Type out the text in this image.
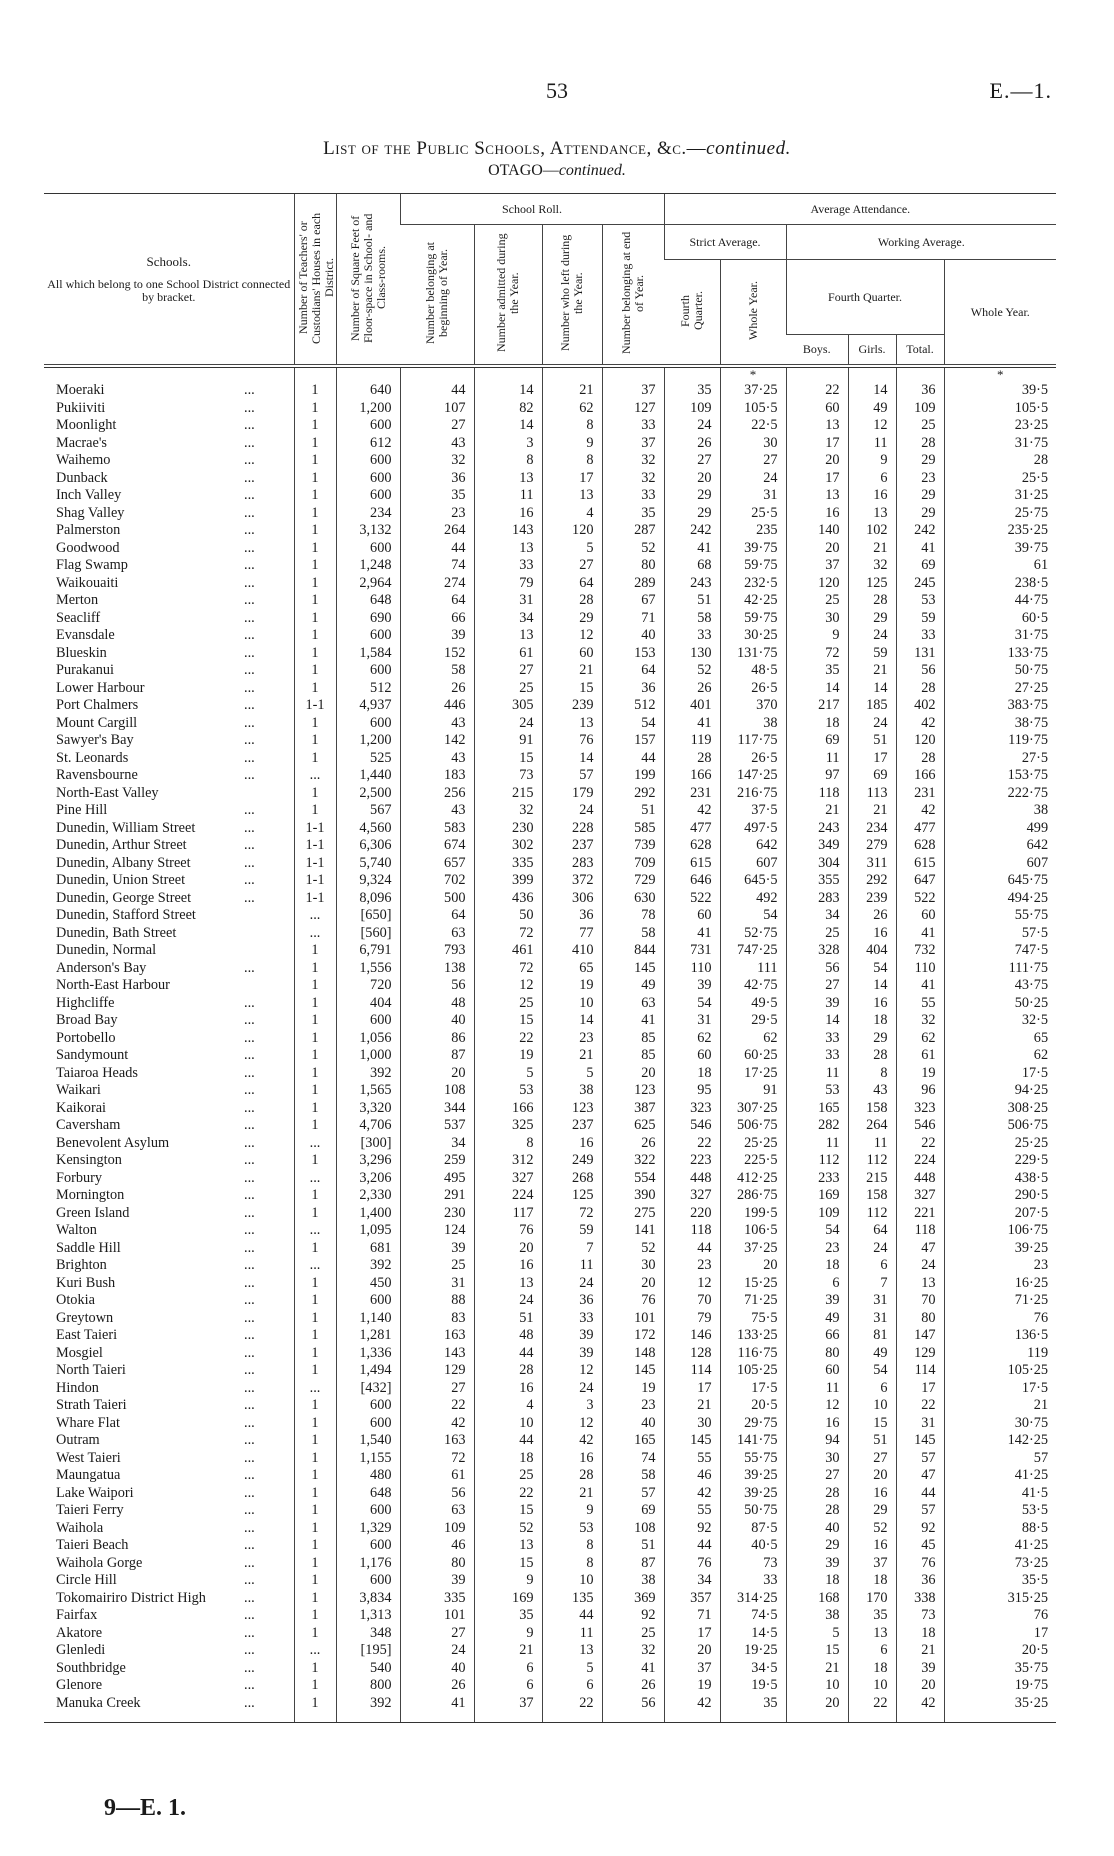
53	E.—1.
List of the Public Schools, Attendance, &c.—continued.
OTAGO—continued.
Schools.
All which belong to one School District connected by bracket.	Number of Teachers' or Custodians' Houses in each District.	Number of Square Feet of Floor-space in School- and Class-rooms.	School Roll.				Average Attendance.					
			Number belonging at beginning of Year.	Number admitted during the Year.	Number who left during the Year.	Number belonging at end of Year.	Strict Average.		Working Average.			
							Fourth Quarter.	Whole Year.	Fourth Quarter.			Whole Year.
									Boys.	Girls.	Total.	

								*				*
Moeraki ...	1	640	44	14	21	37	35	37·25	22	14	36	39·5
Pukiiviti ...	1	1,200	107	82	62	127	109	105·5	60	49	109	105·5
Moonlight ...	1	600	27	14	8	33	24	22·5	13	12	25	23·25
Macrae's ...	1	612	43	3	9	37	26	30	17	11	28	31·75
Waihemo ...	1	600	32	8	8	32	27	27	20	9	29	28
Dunback ...	1	600	36	13	17	32	20	24	17	6	23	25·5
Inch Valley ...	1	600	35	11	13	33	29	31	13	16	29	31·25
Shag Valley ...	1	234	23	16	4	35	29	25·5	16	13	29	25·75
Palmerston ...	1	3,132	264	143	120	287	242	235	140	102	242	235·25
Goodwood ...	1	600	44	13	5	52	41	39·75	20	21	41	39·75
Flag Swamp ...	1	1,248	74	33	27	80	68	59·75	37	32	69	61
Waikouaiti ...	1	2,964	274	79	64	289	243	232·5	120	125	245	238·5
Merton ...	1	648	64	31	28	67	51	42·25	25	28	53	44·75
Seacliff ...	1	690	66	34	29	71	58	59·75	30	29	59	60·5
Evansdale ...	1	600	39	13	12	40	33	30·25	9	24	33	31·75
Blueskin ...	1	1,584	152	61	60	153	130	131·75	72	59	131	133·75
Purakanui ...	1	600	58	27	21	64	52	48·5	35	21	56	50·75
Lower Harbour ...	1	512	26	25	15	36	26	26·5	14	14	28	27·25
Port Chalmers ...	1-1	4,937	446	305	239	512	401	370	217	185	402	383·75
Mount Cargill ...	1	600	43	24	13	54	41	38	18	24	42	38·75
Sawyer's Bay ...	1	1,200	142	91	76	157	119	117·75	69	51	120	119·75
St. Leonards ...	1	525	43	15	14	44	28	26·5	11	17	28	27·5
Ravensbourne ...	...	1,440	183	73	57	199	166	147·25	97	69	166	153·75
North-East Valley	1	2,500	256	215	179	292	231	216·75	118	113	231	222·75
Pine Hill ...	1	567	43	32	24	51	42	37·5	21	21	42	38
Dunedin, William Street ...	1-1	4,560	583	230	228	585	477	497·5	243	234	477	499
Dunedin, Arthur Street ...	1-1	6,306	674	302	237	739	628	642	349	279	628	642
Dunedin, Albany Street ...	1-1	5,740	657	335	283	709	615	607	304	311	615	607
Dunedin, Union Street ...	1-1	9,324	702	399	372	729	646	645·5	355	292	647	645·75
Dunedin, George Street ...	1-1	8,096	500	436	306	630	522	492	283	239	522	494·25
Dunedin, Stafford Street	...	[650]	64	50	36	78	60	54	34	26	60	55·75
Dunedin, Bath Street	...	[560]	63	72	77	58	41	52·75	25	16	41	57·5
Dunedin, Normal	1	6,791	793	461	410	844	731	747·25	328	404	732	747·5
Anderson's Bay ...	1	1,556	138	72	65	145	110	111	56	54	110	111·75
North-East Harbour	1	720	56	12	19	49	39	42·75	27	14	41	43·75
Highcliffe ...	1	404	48	25	10	63	54	49·5	39	16	55	50·25
Broad Bay ...	1	600	40	15	14	41	31	29·5	14	18	32	32·5
Portobello ...	1	1,056	86	22	23	85	62	62	33	29	62	65
Sandymount ...	1	1,000	87	19	21	85	60	60·25	33	28	61	62
Taiaroa Heads ...	1	392	20	5	5	20	18	17·25	11	8	19	17·5
Waikari ...	1	1,565	108	53	38	123	95	91	53	43	96	94·25
Kaikorai ...	1	3,320	344	166	123	387	323	307·25	165	158	323	308·25
Caversham ...	1	4,706	537	325	237	625	546	506·75	282	264	546	506·75
Benevolent Asylum ...	...	[300]	34	8	16	26	22	25·25	11	11	22	25·25
Kensington ...	1	3,296	259	312	249	322	223	225·5	112	112	224	229·5
Forbury ...	...	3,206	495	327	268	554	448	412·25	233	215	448	438·5
Mornington ...	1	2,330	291	224	125	390	327	286·75	169	158	327	290·5
Green Island ...	1	1,400	230	117	72	275	220	199·5	109	112	221	207·5
Walton ...	...	1,095	124	76	59	141	118	106·5	54	64	118	106·75
Saddle Hill ...	1	681	39	20	7	52	44	37·25	23	24	47	39·25
Brighton ...	...	392	25	16	11	30	23	20	18	6	24	23
Kuri Bush ...	1	450	31	13	24	20	12	15·25	6	7	13	16·25
Otokia ...	1	600	88	24	36	76	70	71·25	39	31	70	71·25
Greytown ...	1	1,140	83	51	33	101	79	75·5	49	31	80	76
East Taieri ...	1	1,281	163	48	39	172	146	133·25	66	81	147	136·5
Mosgiel ...	1	1,336	143	44	39	148	128	116·75	80	49	129	119
North Taieri ...	1	1,494	129	28	12	145	114	105·25	60	54	114	105·25
Hindon ...	...	[432]	27	16	24	19	17	17·5	11	6	17	17·5
Strath Taieri ...	1	600	22	4	3	23	21	20·5	12	10	22	21
Whare Flat ...	1	600	42	10	12	40	30	29·75	16	15	31	30·75
Outram ...	1	1,540	163	44	42	165	145	141·75	94	51	145	142·25
West Taieri ...	1	1,155	72	18	16	74	55	55·75	30	27	57	57
Maungatua ...	1	480	61	25	28	58	46	39·25	27	20	47	41·25
Lake Waipori ...	1	648	56	22	21	57	42	39·25	28	16	44	41·5
Taieri Ferry ...	1	600	63	15	9	69	55	50·75	28	29	57	53·5
Waihola ...	1	1,329	109	52	53	108	92	87·5	40	52	92	88·5
Taieri Beach ...	1	600	46	13	8	51	44	40·5	29	16	45	41·25
Waihola Gorge ...	1	1,176	80	15	8	87	76	73	39	37	76	73·25
Circle Hill ...	1	600	39	9	10	38	34	33	18	18	36	35·5
Tokomairiro District High ...	1	3,834	335	169	135	369	357	314·25	168	170	338	315·25
Fairfax ...	1	1,313	101	35	44	92	71	74·5	38	35	73	76
Akatore ...	1	348	27	9	11	25	17	14·5	5	13	18	17
Glenledi ...	...	[195]	24	21	13	32	20	19·25	15	6	21	20·5
Southbridge ...	1	540	40	6	5	41	37	34·5	21	18	39	35·75
Glenore ...	1	800	26	6	6	26	19	19·5	10	10	20	19·75
Manuka Creek ...	1	392	41	37	22	56	42	35	20	22	42	35·25
9—E. 1.
